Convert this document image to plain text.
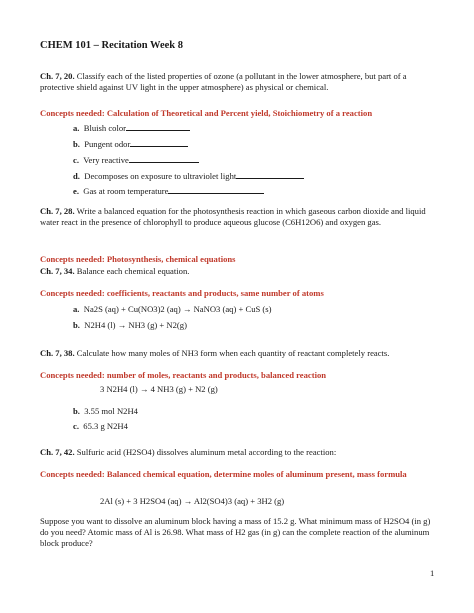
CHEM 101 – Recitation Week 8
Ch. 7, 20. Classify each of the listed properties of ozone (a pollutant in the lower atmosphere, but part of a protective shield against UV light in the upper atmosphere) as physical or chemical.
Concepts needed: Calculation of Theoretical and Percent yield, Stoichiometry of a reaction
a. Bluish color
b. Pungent odor
c. Very reactive
d. Decomposes on exposure to ultraviolet light
e. Gas at room temperature
Ch. 7, 28. Write a balanced equation for the photosynthesis reaction in which gaseous carbon dioxide and liquid water react in the presence of chlorophyll to produce aqueous glucose (C6H12O6) and oxygen gas.
Concepts needed: Photosynthesis, chemical equations
Ch. 7, 34. Balance each chemical equation.
Concepts needed: coefficients, reactants and products, same number of atoms
a. Na2S (aq) + Cu(NO3)2 (aq) → NaNO3 (aq) + CuS (s)
b. N2H4 (l) → NH3 (g) + N2(g)
Ch. 7, 38. Calculate how many moles of NH3 form when each quantity of reactant completely reacts.
Concepts needed: number of moles, reactants and products, balanced reaction
3 N2H4 (l) → 4 NH3 (g) + N2 (g)
b. 3.55 mol N2H4
c. 65.3 g N2H4
Ch. 7, 42. Sulfuric acid (H2SO4) dissolves aluminum metal according to the reaction:
Concepts needed: Balanced chemical equation, determine moles of aluminum present, mass formula
2Al (s) + 3 H2SO4 (aq) → Al2(SO4)3 (aq) + 3H2 (g)
Suppose you want to dissolve an aluminum block having a mass of 15.2 g. What minimum mass of H2SO4 (in g) do you need? Atomic mass of Al is 26.98. What mass of H2 gas (in g) can the complete reaction of the aluminum block produce?
1
